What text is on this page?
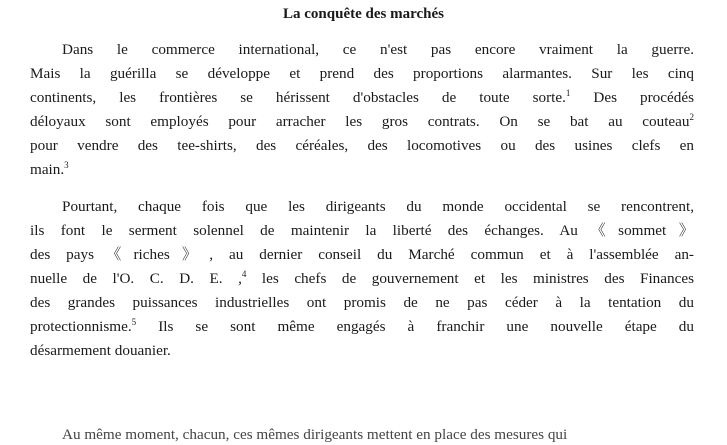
La conquête des marchés
Dans le commerce international, ce n'est pas encore vraiment la guerre.
Mais la guérilla se développe et prend des proportions alarmantes. Sur les cinq
continents, les frontières se hérissent d'obstacles de toute sorte.$^1$ Des procédés
déloyaux sont employés pour arracher les gros contrats. On se bat au couteau$^2$
pour vendre des tee-shirts, des céréales, des locomotives ou des usines clefs en
main.$^3$
Pourtant, chaque fois que les dirigeants du monde occidental se rencontrent,
ils font le serment solennel de maintenir la liberté des échanges. Au《sommet》
des pays《riches》, au dernier conseil du Marché commun et à l'assemblée an-
nuelle de l'O. C. D. E. ,$^4$ les chefs de gouvernement et les ministres des Finances
des grandes puissances industrielles ont promis de ne pas céder à la tentation du
protectionnisme.$^5$ Ils se sont même engagés à franchir une nouvelle étape du
désarmement douanier.
Au même moment, chacun, ces mêmes dirigeants mettent en place des mesures qui
